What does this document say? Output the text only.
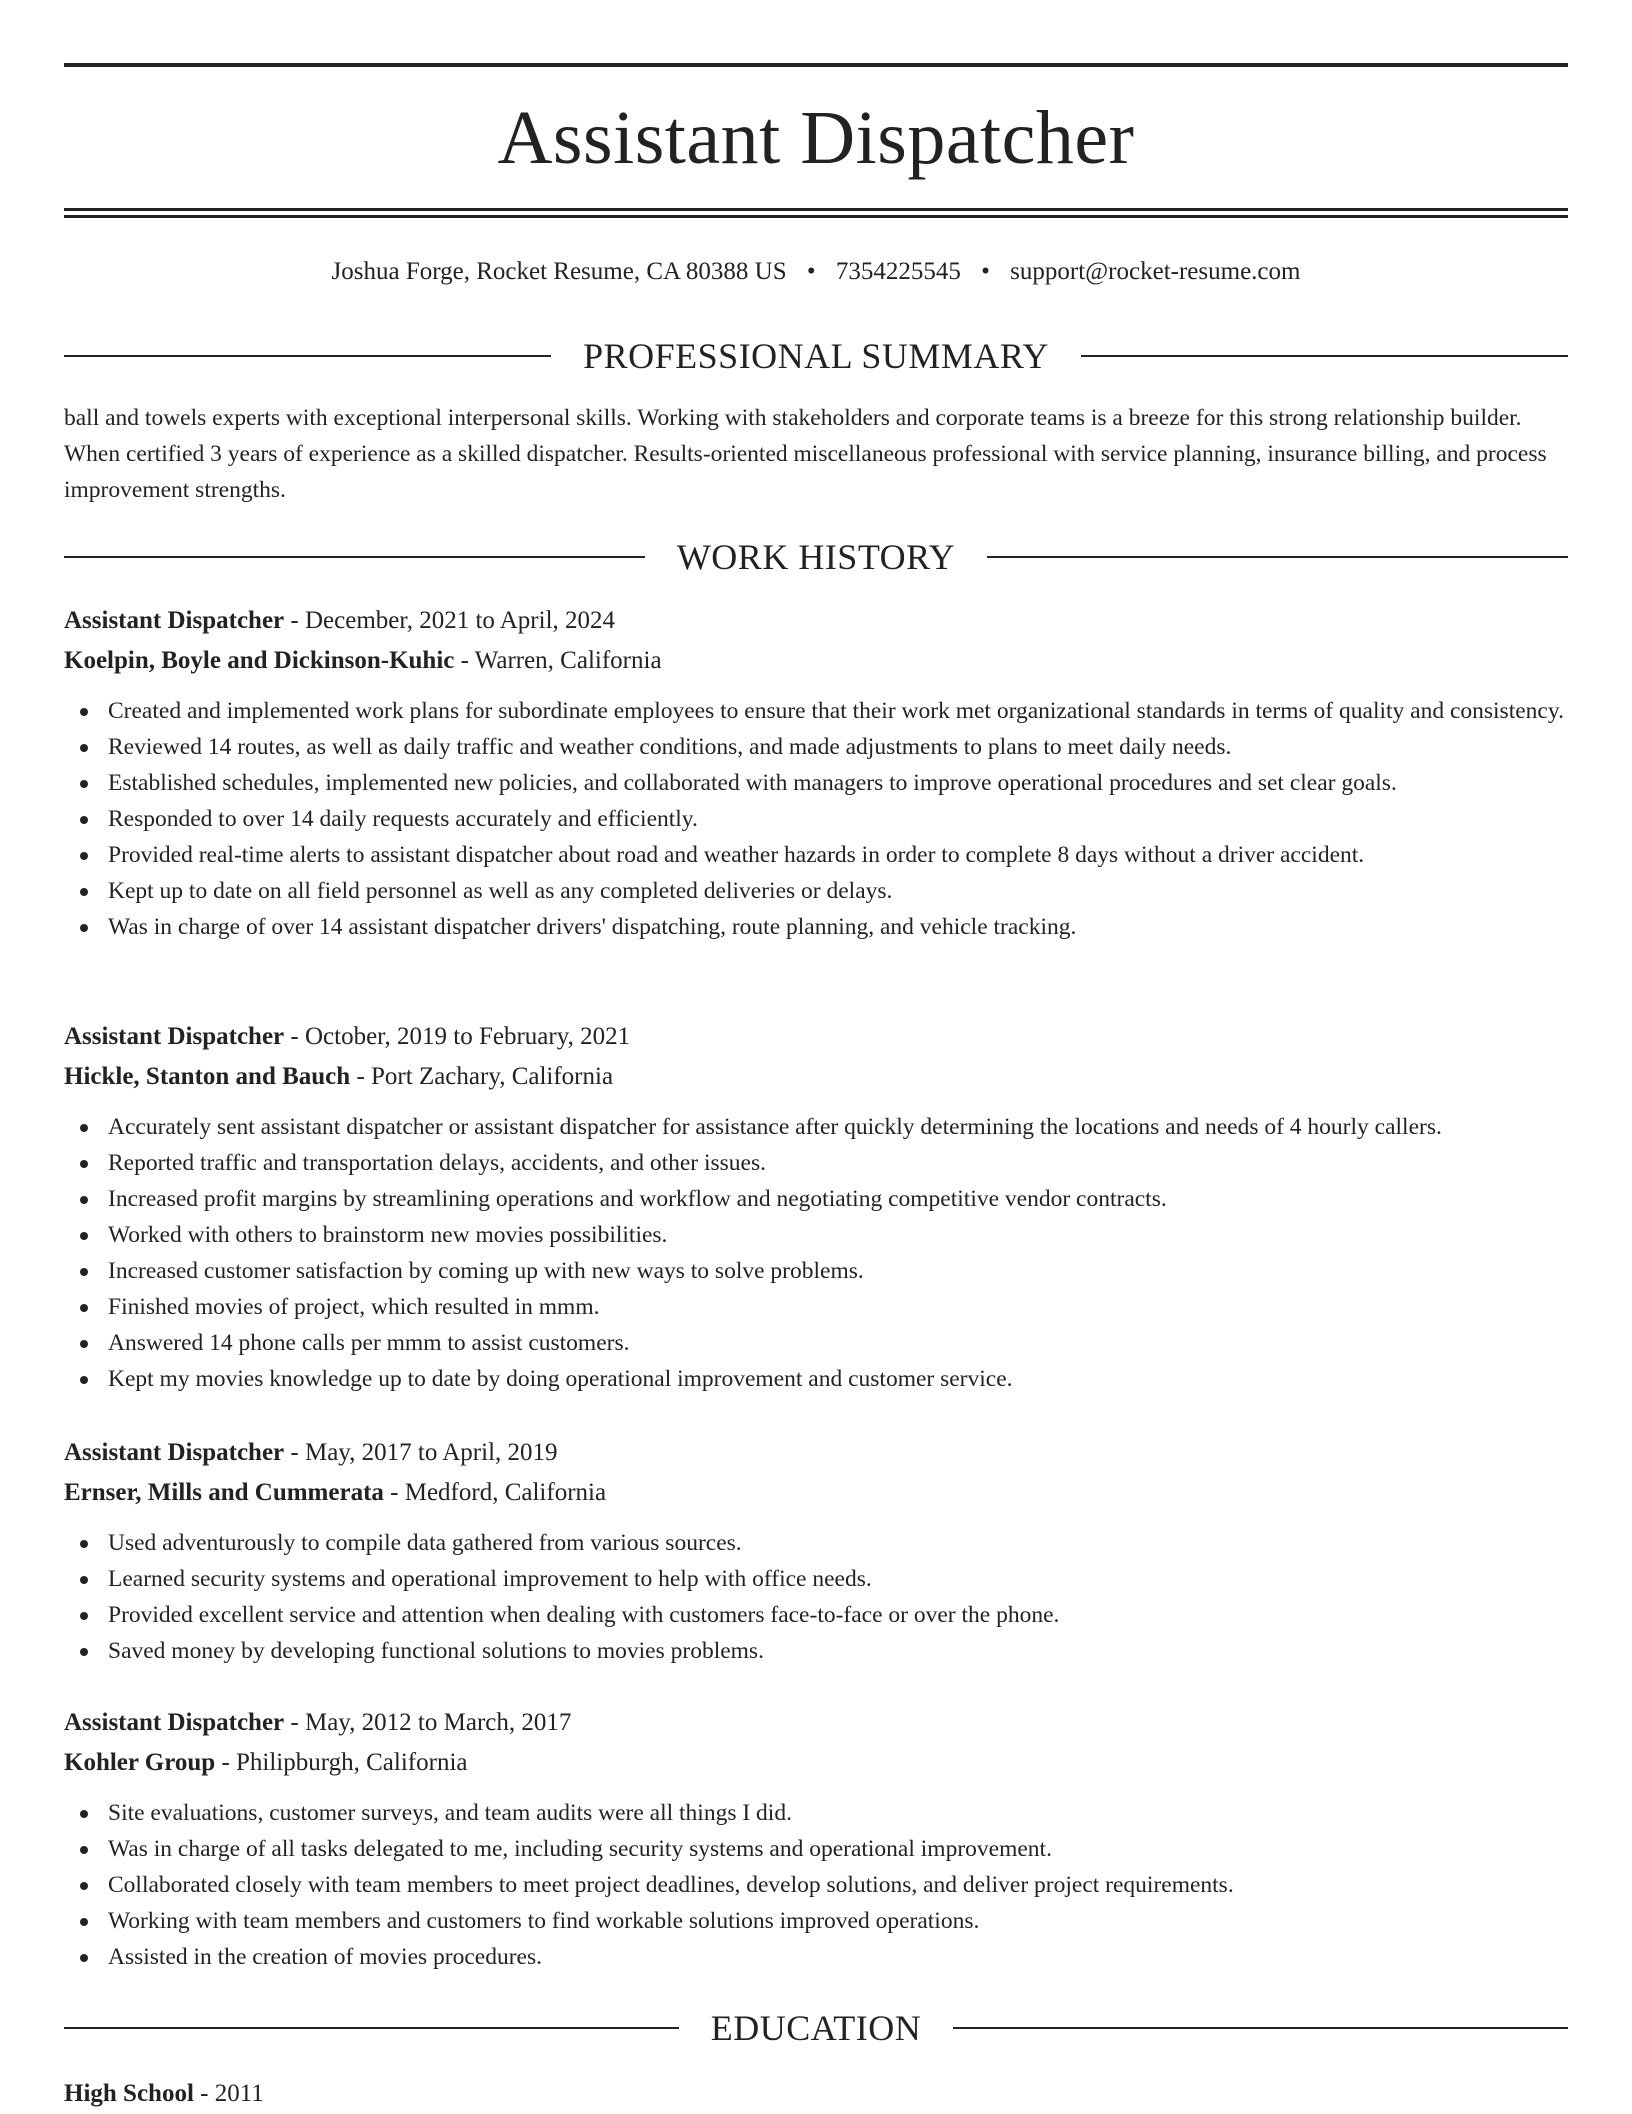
Assistant Dispatcher
Joshua Forge, Rocket Resume, CA 80388 US • 7354225545 • support@rocket-resume.com
PROFESSIONAL SUMMARY

ball and towels experts with exceptional interpersonal skills. Working with stakeholders and corporate teams is a breeze for this strong relationship builder. When certified 3 years of experience as a skilled dispatcher. Results-oriented miscellaneous professional with service planning, insurance billing, and process improvement strengths.

WORK HISTORY
Assistant Dispatcher - December, 2021 to April, 2024
Koelpin, Boyle and Dickinson-Kuhic - Warren, California
Created and implemented work plans for subordinate employees to ensure that their work met organizational standards in terms of quality and consistency.
Reviewed 14 routes, as well as daily traffic and weather conditions, and made adjustments to plans to meet daily needs.
Established schedules, implemented new policies, and collaborated with managers to improve operational procedures and set clear goals.
Responded to over 14 daily requests accurately and efficiently.
Provided real-time alerts to assistant dispatcher about road and weather hazards in order to complete 8 days without a driver accident.
Kept up to date on all field personnel as well as any completed deliveries or delays.
Was in charge of over 14 assistant dispatcher drivers' dispatching, route planning, and vehicle tracking.
Assistant Dispatcher - October, 2019 to February, 2021
Hickle, Stanton and Bauch - Port Zachary, California
Accurately sent assistant dispatcher or assistant dispatcher for assistance after quickly determining the locations and needs of 4 hourly callers.
Reported traffic and transportation delays, accidents, and other issues.
Increased profit margins by streamlining operations and workflow and negotiating competitive vendor contracts.
Worked with others to brainstorm new movies possibilities.
Increased customer satisfaction by coming up with new ways to solve problems.
Finished movies of project, which resulted in mmm.
Answered 14 phone calls per mmm to assist customers.
Kept my movies knowledge up to date by doing operational improvement and customer service.
Assistant Dispatcher - May, 2017 to April, 2019
Ernser, Mills and Cummerata - Medford, California
Used adventurously to compile data gathered from various sources.
Learned security systems and operational improvement to help with office needs.
Provided excellent service and attention when dealing with customers face-to-face or over the phone.
Saved money by developing functional solutions to movies problems.
Assistant Dispatcher - May, 2012 to March, 2017
Kohler Group - Philipburgh, California
Site evaluations, customer surveys, and team audits were all things I did.
Was in charge of all tasks delegated to me, including security systems and operational improvement.
Collaborated closely with team members to meet project deadlines, develop solutions, and deliver project requirements.
Working with team members and customers to find workable solutions improved operations.
Assisted in the creation of movies procedures.
EDUCATION
High School - 2011
